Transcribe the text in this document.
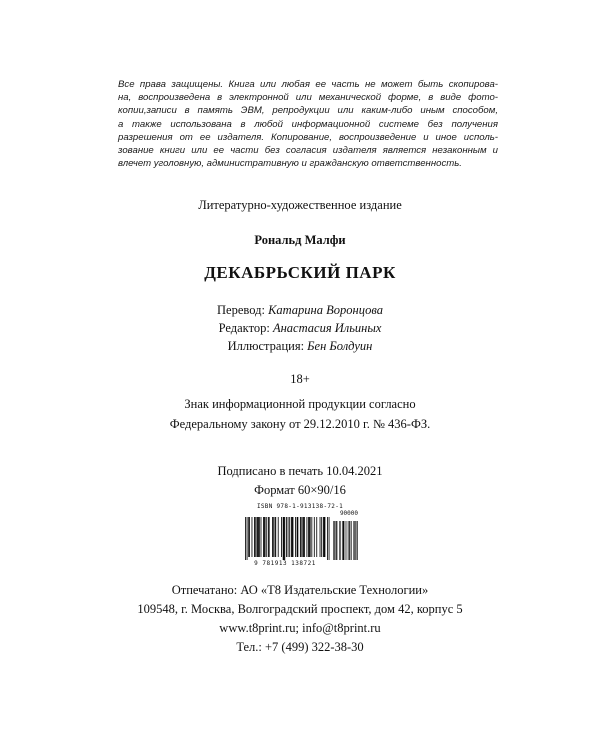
Все права защищены. Книга или любая ее часть не может быть скопирова-
на, воспроизведена в электронной или механической форме, в виде фото-
копии,записи в память ЭВМ, репродукции или каким-либо иным способом,
а также использована в любой информационной системе без получения
разрешения от ее издателя. Копирование, воспроизведение и иное исполь-
зование книги или ее части без согласия издателя является незаконным и
влечет уголовную, административную и гражданскую ответственность.
Литературно-художественное издание
Рональд Малфи
ДЕКАБРЬСКИЙ ПАРК
Перевод: Катарина Воронцова
Редактор: Анастасия Ильиных
Иллюстрация: Бен Болдуин
18+
Знак информационной продукции согласно
Федеральному закону от 29.12.2010 г. № 436-ФЗ.
Подписано в печать 10.04.2021
Формат 60×90/16
ISBN 978-1-913138-72-1
90000
9 781913 138721
Отпечатано: АО «Т8 Издательские Технологии»
109548, г. Москва, Волгоградский проспект, дом 42, корпус 5
www.t8print.ru; info@t8print.ru
Тел.: +7 (499) 322-38-30
